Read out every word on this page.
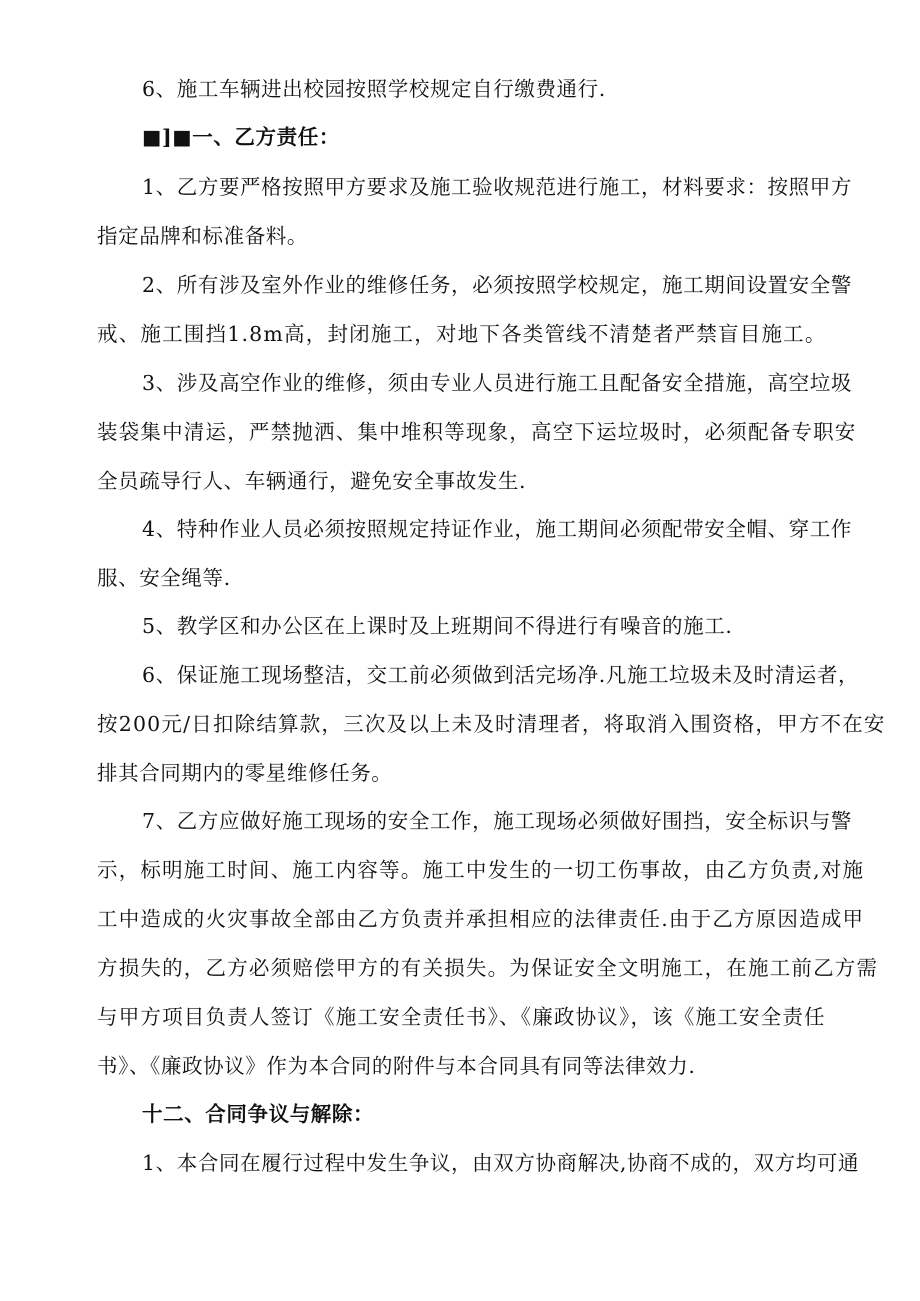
6、施工车辆进出校园按照学校规定自行缴费通行.
■]■一、乙方责任：
1、乙方要严格按照甲方要求及施工验收规范进行施工，材料要求：按照甲方
指定品牌和标准备料。
2、所有涉及室外作业的维修任务，必须按照学校规定，施工期间设置安全警
戒、施工围挡1.8m高，封闭施工，对地下各类管线不清楚者严禁盲目施工。
3、涉及高空作业的维修，须由专业人员进行施工且配备安全措施，高空垃圾
装袋集中清运，严禁抛洒、集中堆积等现象，高空下运垃圾时，必须配备专职安
全员疏导行人、车辆通行，避免安全事故发生.
4、特种作业人员必须按照规定持证作业，施工期间必须配带安全帽、穿工作
服、安全绳等.
5、教学区和办公区在上课时及上班期间不得进行有噪音的施工.
6、保证施工现场整洁，交工前必须做到活完场净.凡施工垃圾未及时清运者，
按200元/日扣除结算款，三次及以上未及时清理者，将取消入围资格，甲方不在安
排其合同期内的零星维修任务。
7、乙方应做好施工现场的安全工作，施工现场必须做好围挡，安全标识与警
示，标明施工时间、施工内容等。施工中发生的一切工伤事故，由乙方负责,对施
工中造成的火灾事故全部由乙方负责并承担相应的法律责任.由于乙方原因造成甲
方损失的，乙方必须赔偿甲方的有关损失。为保证安全文明施工，在施工前乙方需
与甲方项目负责人签订《施工安全责任书》、《廉政协议》，该《施工安全责任
书》、《廉政协议》作为本合同的附件与本合同具有同等法律效力.
十二、合同争议与解除：
1、本合同在履行过程中发生争议，由双方协商解决,协商不成的，双方均可通
